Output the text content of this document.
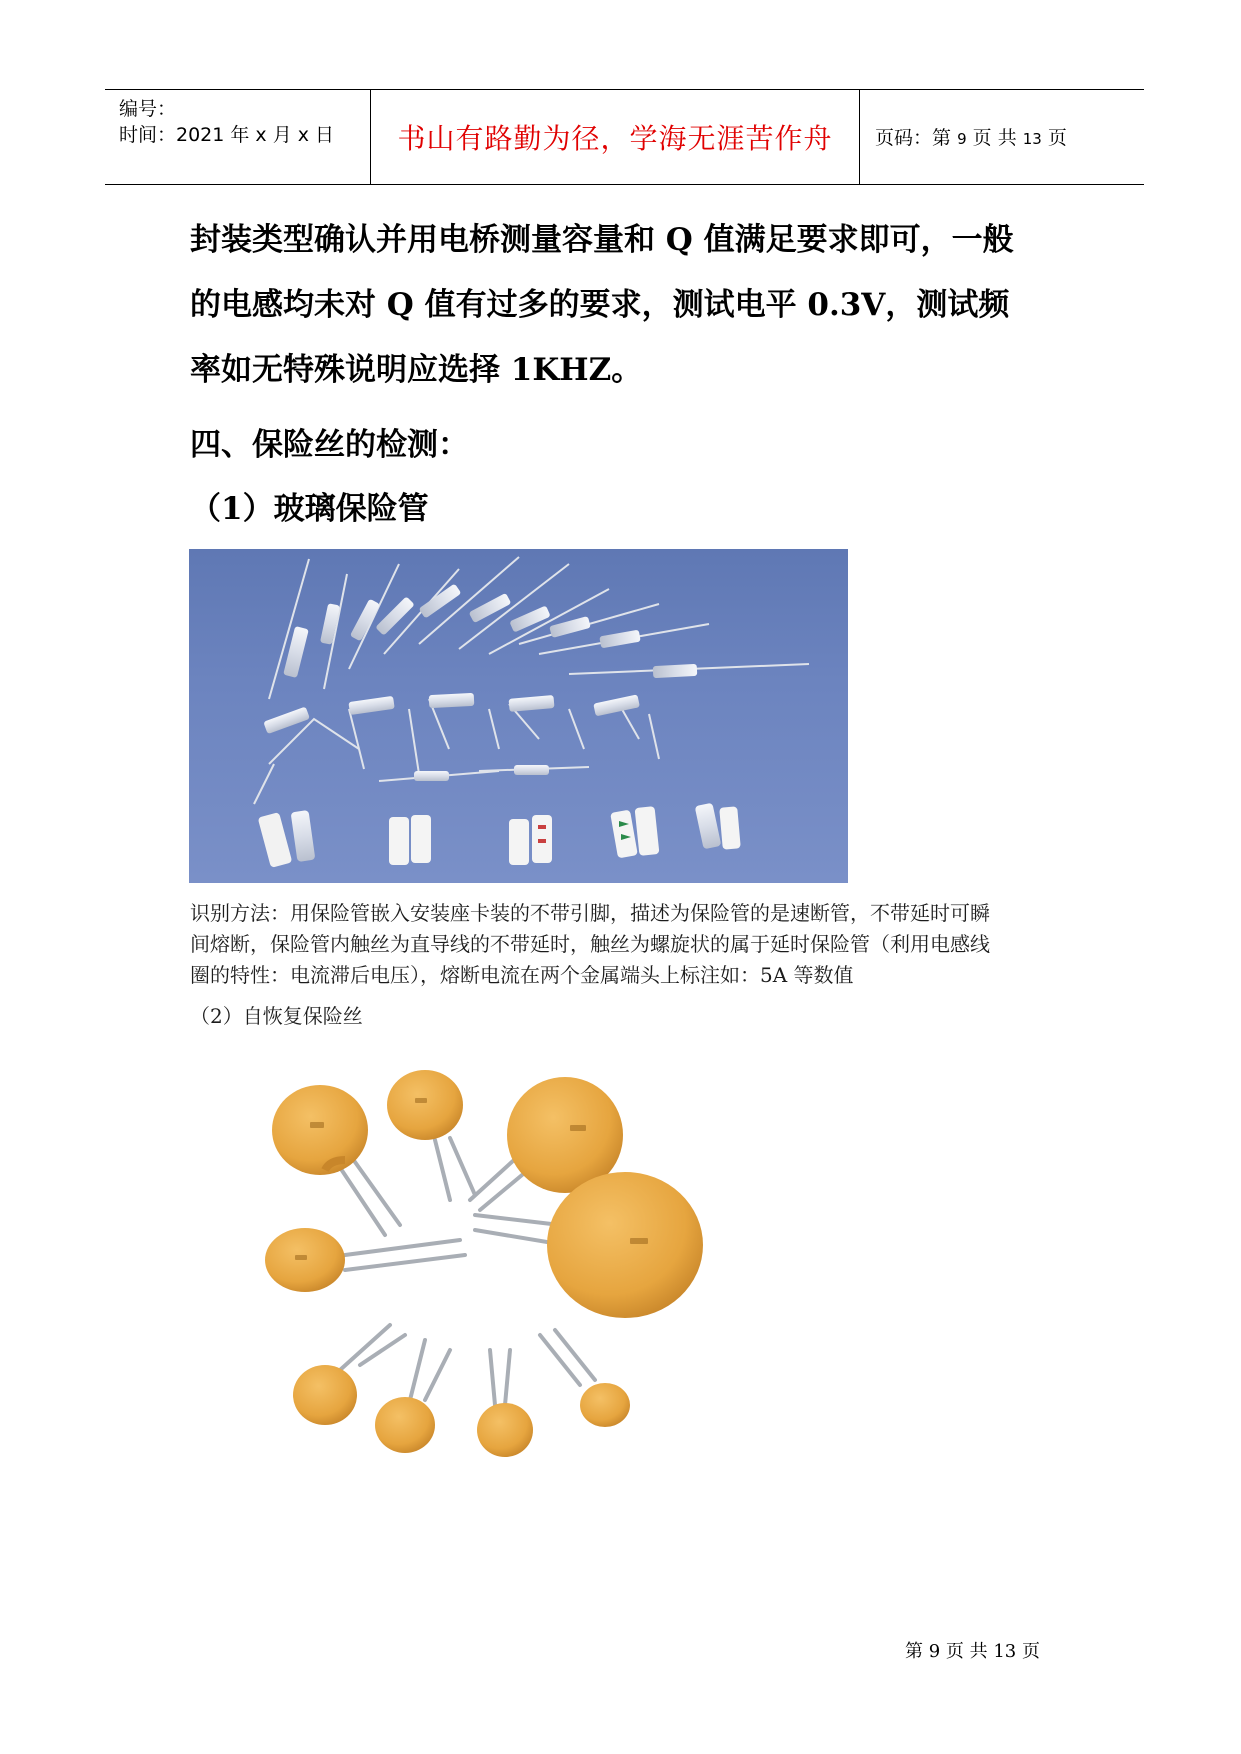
编号：
时间：2021 年 x 月 x 日	书山有路勤为径，学海无涯苦作舟	页码：第 9 页 共 13 页
封装类型确认并用电桥测量容量和 Q 值满足要求即可，一般
的电感均未对 Q 值有过多的要求，测试电平 0.3V，测试频
率如无特殊说明应选择 1KHZ。
四、保险丝的检测：
（1）玻璃保险管
识别方法：用保险管嵌入安装座卡装的不带引脚，描述为保险管的是速断管，不带延时可瞬
间熔断，保险管内触丝为直导线的不带延时，触丝为螺旋状的属于延时保险管（利用电感线
圈的特性：电流滞后电压），熔断电流在两个金属端头上标注如：5A 等数值
（2）自恢复保险丝
第 9 页 共 13 页
